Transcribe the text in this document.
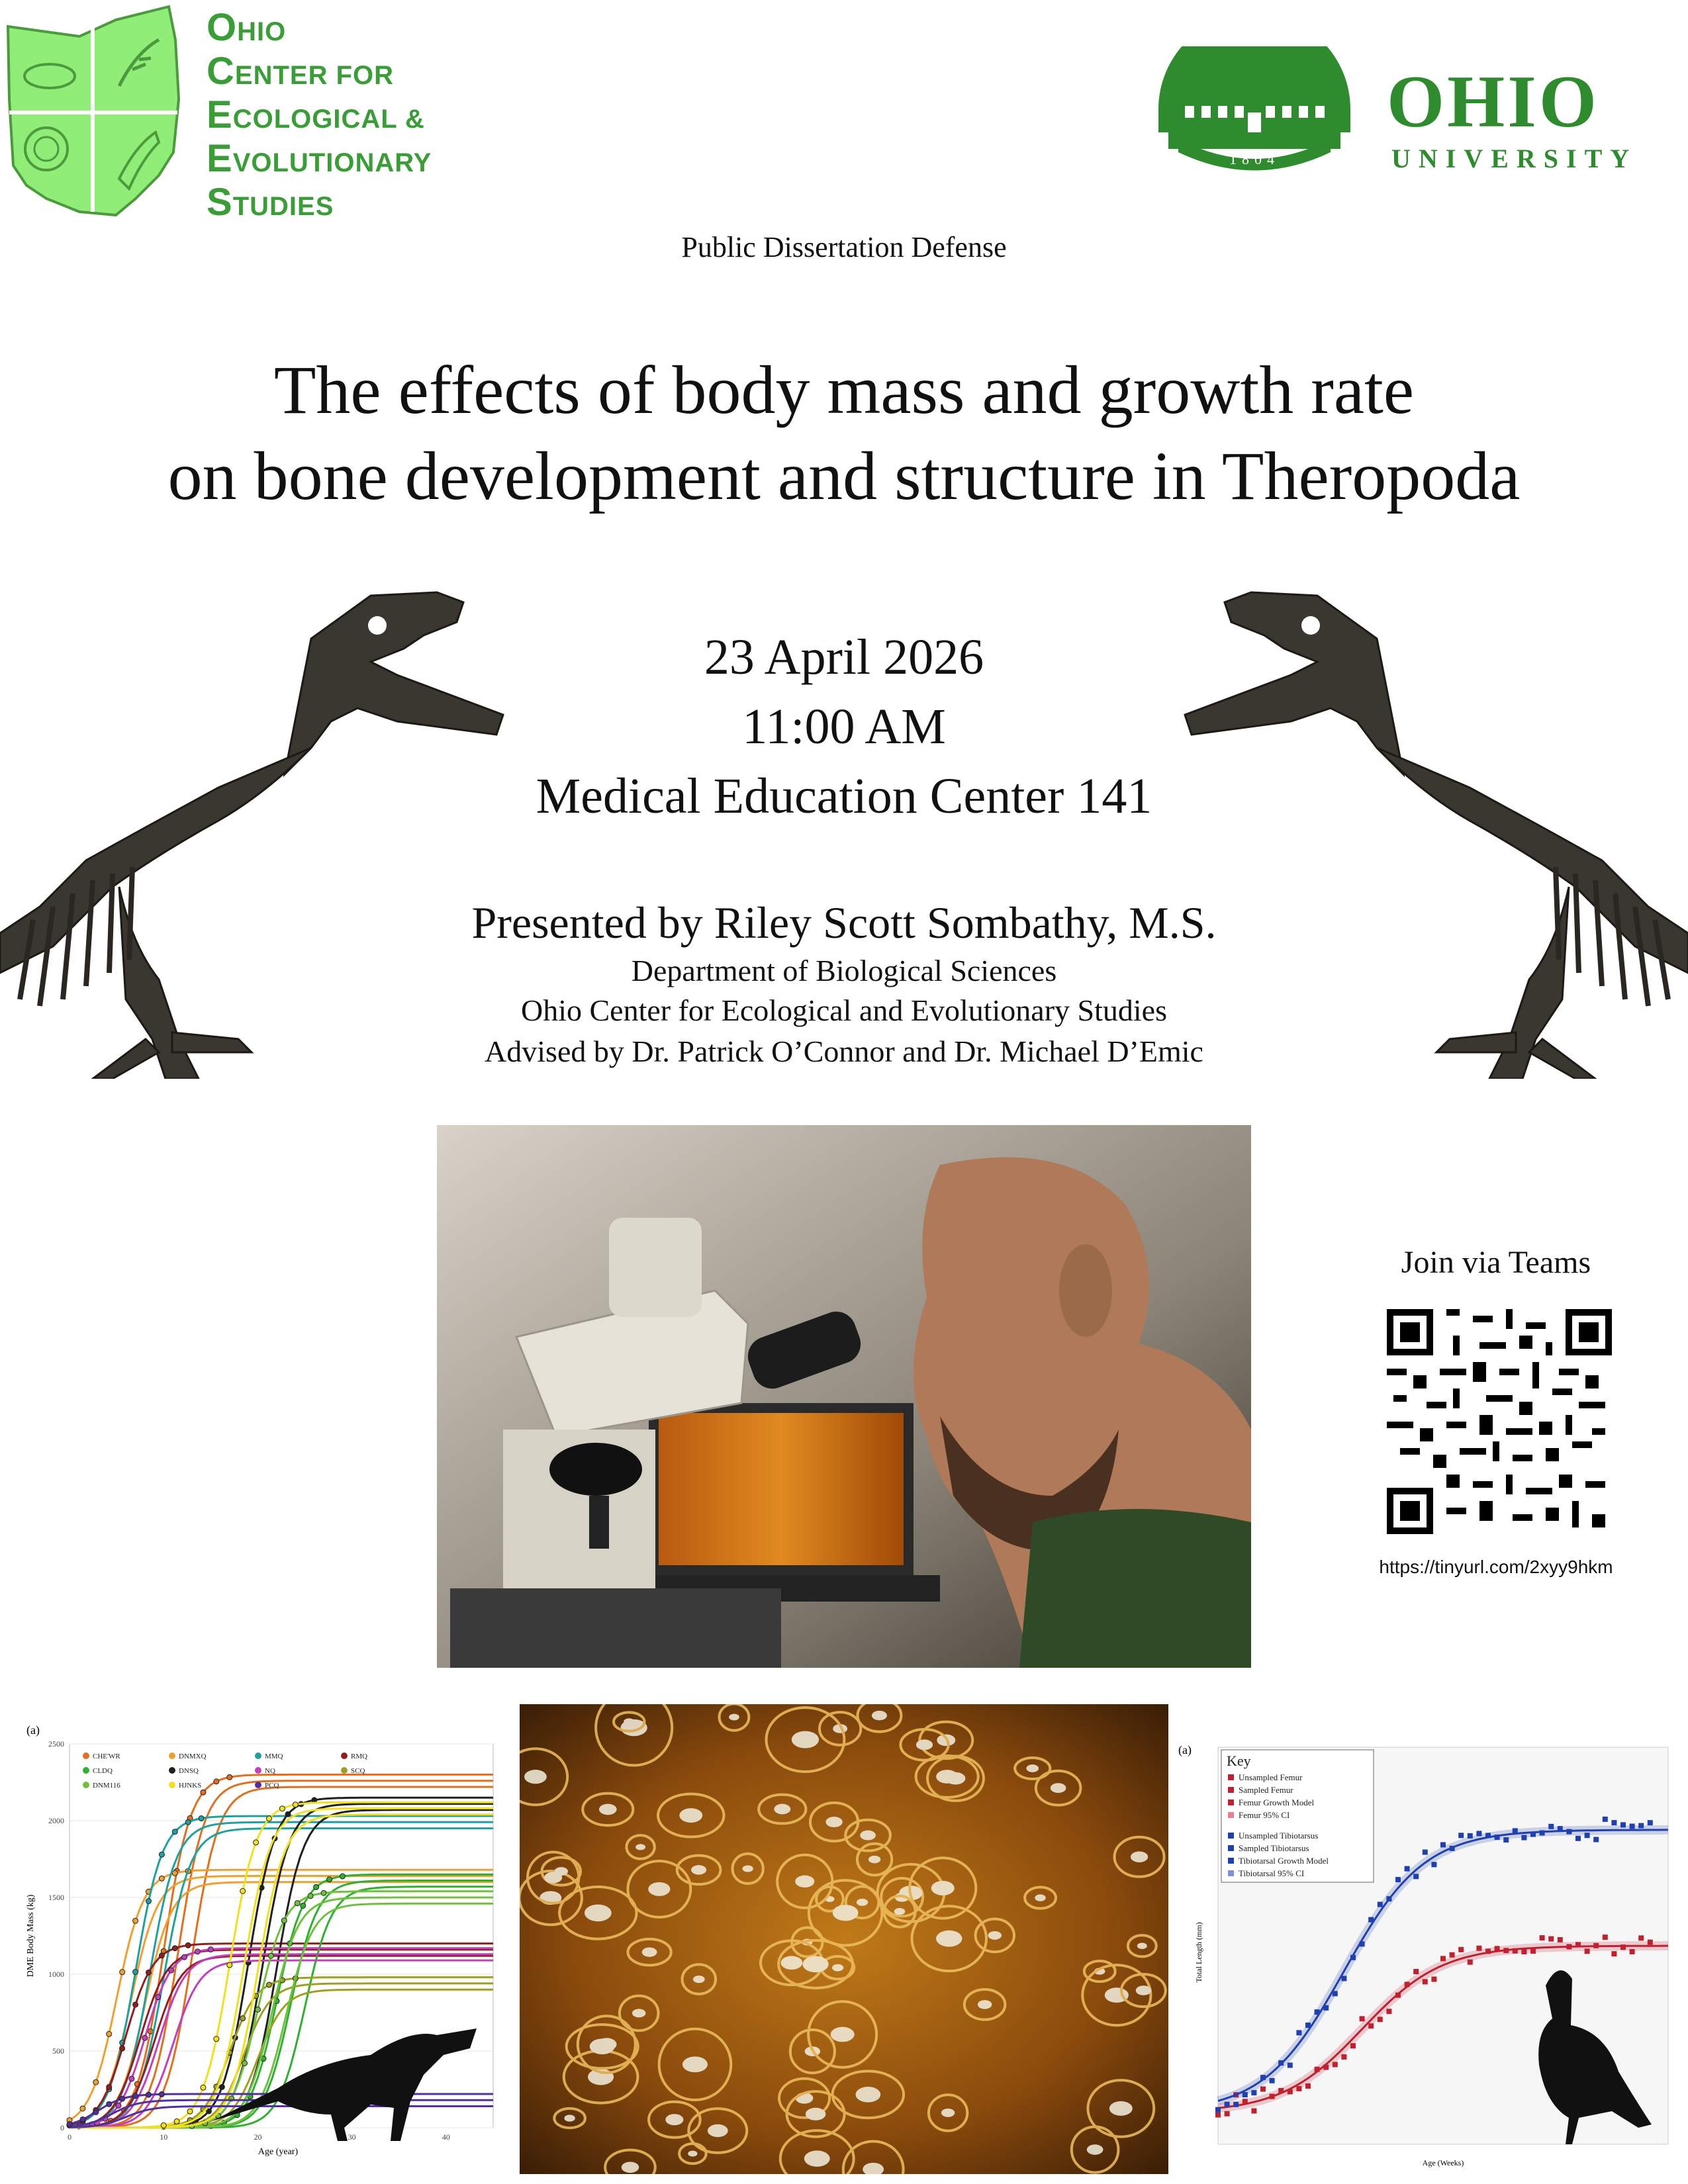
OHIO
CENTER FOR
ECOLOGICAL &
EVOLUTIONARY
STUDIES
1804
OHIO
UNIVERSITY
Public Dissertation Defense
The effects of body mass and growth rate
on bone development and structure in Theropoda
23 April 2026
11:00 AM
Medical Education Center 141
Presented by Riley Scott Sombathy, M.S.
Department of Biological Sciences
Ohio Center for Ecological and Evolutionary Studies
Advised by Dr. Patrick O’Connor and Dr. Michael D’Emic
Join via Teams
https://tinyurl.com/2xyy9hkm
(a)
0
500
1000
1500
2000
2500
0	10	20	30	40
CHE'WR	DNMXQ	MMQ	RMQ
CLDQ	DNSQ	NQ	SCQ
DNM116	HJNKS	PCQ
Age (year)
DME Body Mass (kg)
(a)
Key
Unsampled Femur
Sampled Femur
Femur Growth Model
Femur 95% CI
Unsampled Tibiotarsus
Sampled Tibiotarsus
Tibiotarsal Growth Model
Tibiotarsal 95% CI
Age (Weeks)
Total Length (mm)
